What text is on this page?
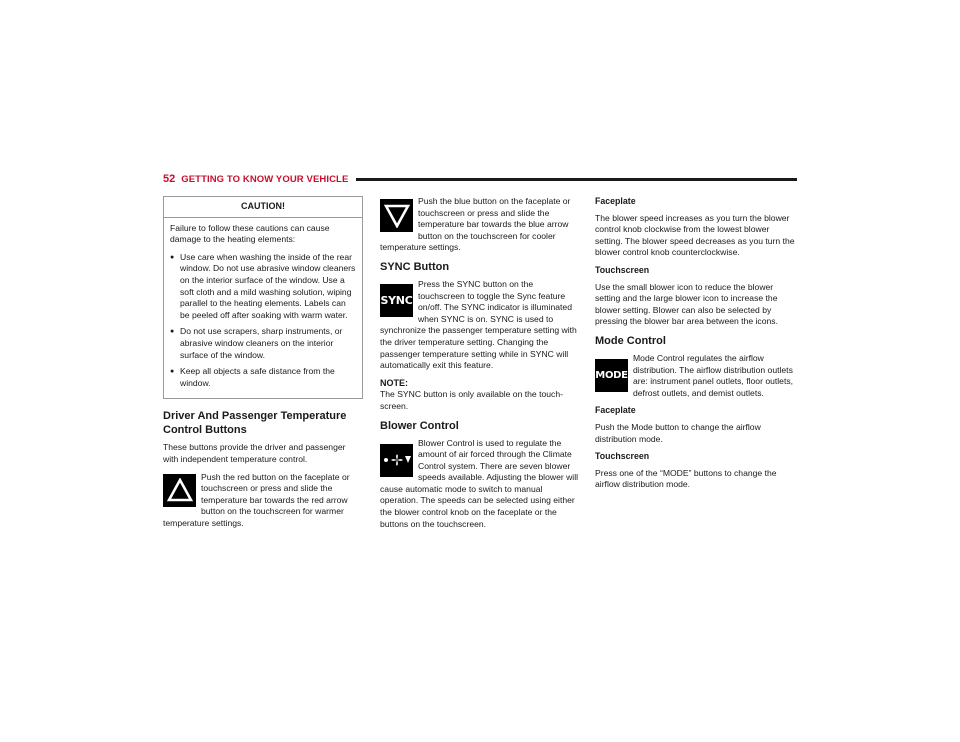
52 GETTING TO KNOW YOUR VEHICLE
CAUTION!

Failure to follow these cautions can cause damage to the heating elements:

● Use care when washing the inside of the rear window. Do not use abrasive window cleaners on the interior surface of the window. Use a soft cloth and a mild washing solution, wiping parallel to the heating elements. Labels can be peeled off after soaking with warm water.
● Do not use scrapers, sharp instruments, or abrasive window cleaners on the interior surface of the window.
● Keep all objects a safe distance from the window.
Driver And Passenger Temperature Control Buttons

These buttons provide the driver and passenger with independent temperature control.

Push the red button on the faceplate or touchscreen or press and slide the temperature bar towards the red arrow button on the touchscreen for warmer temperature settings.
Push the blue button on the faceplate or touchscreen or press and slide the temperature bar towards the blue arrow button on the touchscreen for cooler temperature settings.
SYNC Button
SYNC
Press the SYNC button on the touchscreen to toggle the Sync feature on/off. The SYNC indicator is illuminated when SYNC is on. SYNC is used to synchronize the passenger temperature setting with the driver temperature setting. Changing the passenger temperature setting while in SYNC will automatically exit this feature.
NOTE:

The SYNC button is only available on the touch-screen.

Blower Control
Blower Control is used to regulate the amount of air forced through the Climate Control system. There are seven blower speeds available. Adjusting the blower will cause automatic mode to switch to manual operation. The speeds can be selected using either the blower control knob on the faceplate or the buttons on the touchscreen.
Faceplate

The blower speed increases as you turn the blower control knob clockwise from the lowest blower setting. The blower speed decreases as you turn the blower control knob counterclockwise.

Touchscreen

Use the small blower icon to reduce the blower setting and the large blower icon to increase the blower setting. Blower can also be selected by pressing the blower bar area between the icons.

Mode Control
MODE
Mode Control regulates the airflow distribution. The airflow distribution outlets are: instrument panel outlets, floor outlets, defrost outlets, and demist outlets.
Faceplate

Push the Mode button to change the airflow distribution mode.

Touchscreen

Press one of the “MODE” buttons to change the airflow distribution mode.
